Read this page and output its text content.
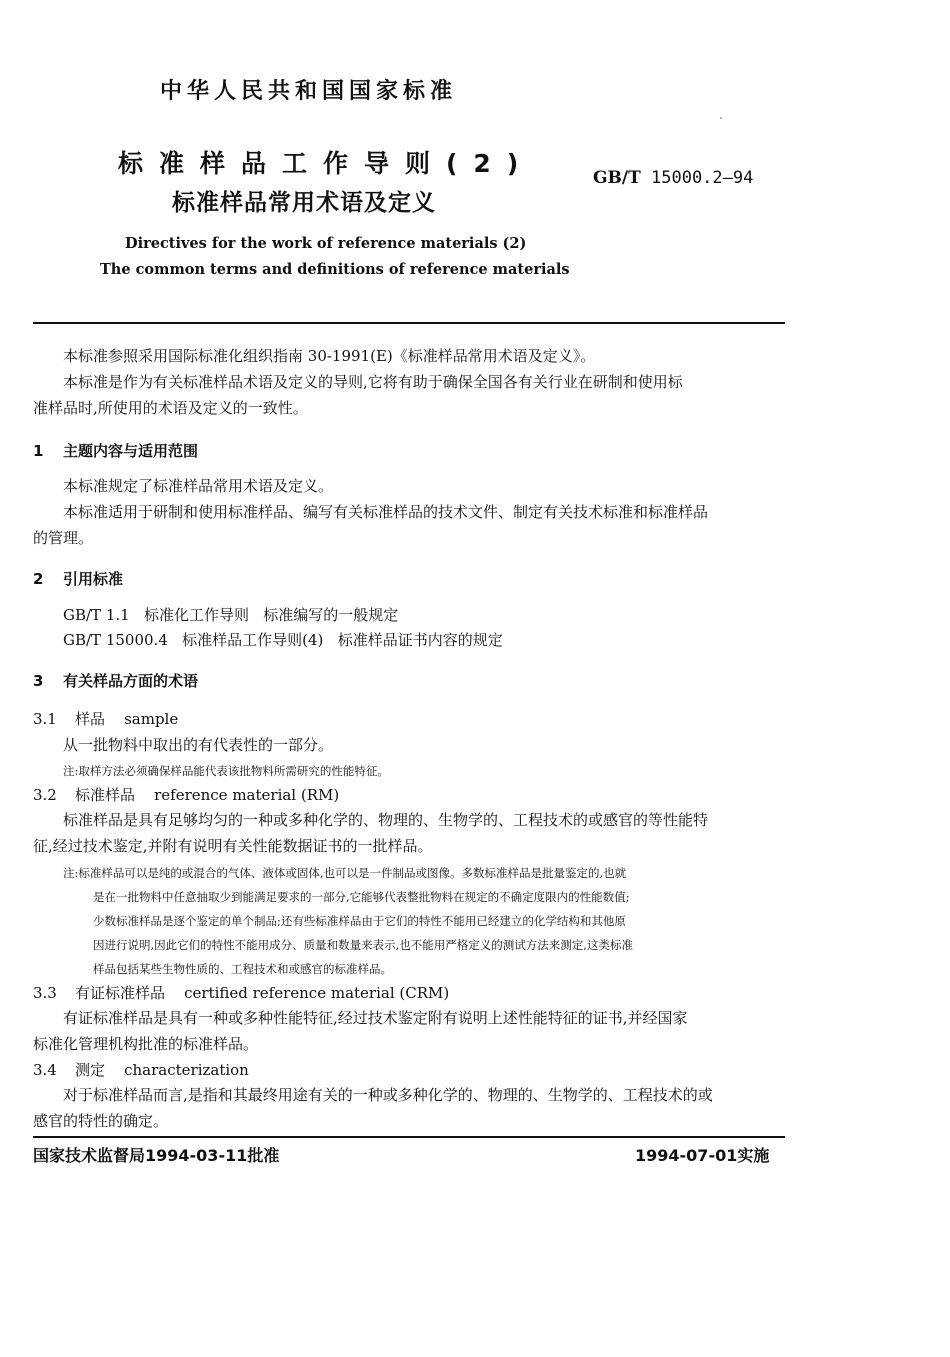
中华人民共和国国家标准
标准样品工作导则(2)
标准样品常用术语及定义
GB/T 15000.2—94
Directives for the work of reference materials (2)
The common terms and definitions of reference materials
本标准参照采用国际标准化组织指南 30-1991(E)《标准样品常用术语及定义》。
本标准是作为有关标准样品术语及定义的导则,它将有助于确保全国各有关行业在研制和使用标
准样品时,所使用的术语及定义的一致性。
1 主题内容与适用范围
本标准规定了标准样品常用术语及定义。
本标准适用于研制和使用标准样品、编写有关标准样品的技术文件、制定有关技术标准和标准样品
的管理。
2 引用标准
GB/T 1.1   标准化工作导则   标准编写的一般规定
GB/T 15000.4   标准样品工作导则(4)   标准样品证书内容的规定
3 有关样品方面的术语
3.1 样品 sample
从一批物料中取出的有代表性的一部分。
注:取样方法必须确保样品能代表该批物料所需研究的性能特征。
3.2 标准样品 reference material (RM)
标准样品是具有足够均匀的一种或多种化学的、物理的、生物学的、工程技术的或感官的等性能特
征,经过技术鉴定,并附有说明有关性能数据证书的一批样品。
注:标准样品可以是纯的或混合的气体、液体或固体,也可以是一件制品或图像。多数标准样品是批量鉴定的,也就
是在一批物料中任意抽取少到能满足要求的一部分,它能够代表整批物料在规定的不确定度限内的性能数值;
少数标准样品是逐个鉴定的单个制品;还有些标准样品由于它们的特性不能用已经建立的化学结构和其他原
因进行说明,因此它们的特性不能用成分、质量和数量来表示,也不能用严格定义的测试方法来测定,这类标准
样品包括某些生物性质的、工程技术和或感官的标准样品。
3.3 有证标准样品 certified reference material (CRM)
有证标准样品是具有一种或多种性能特征,经过技术鉴定附有说明上述性能特征的证书,并经国家
标准化管理机构批准的标准样品。
3.4 测定 characterization
对于标准样品而言,是指和其最终用途有关的一种或多种化学的、物理的、生物学的、工程技术的或
感官的特性的确定。
国家技术监督局1994-03-11批准	1994-07-01实施
